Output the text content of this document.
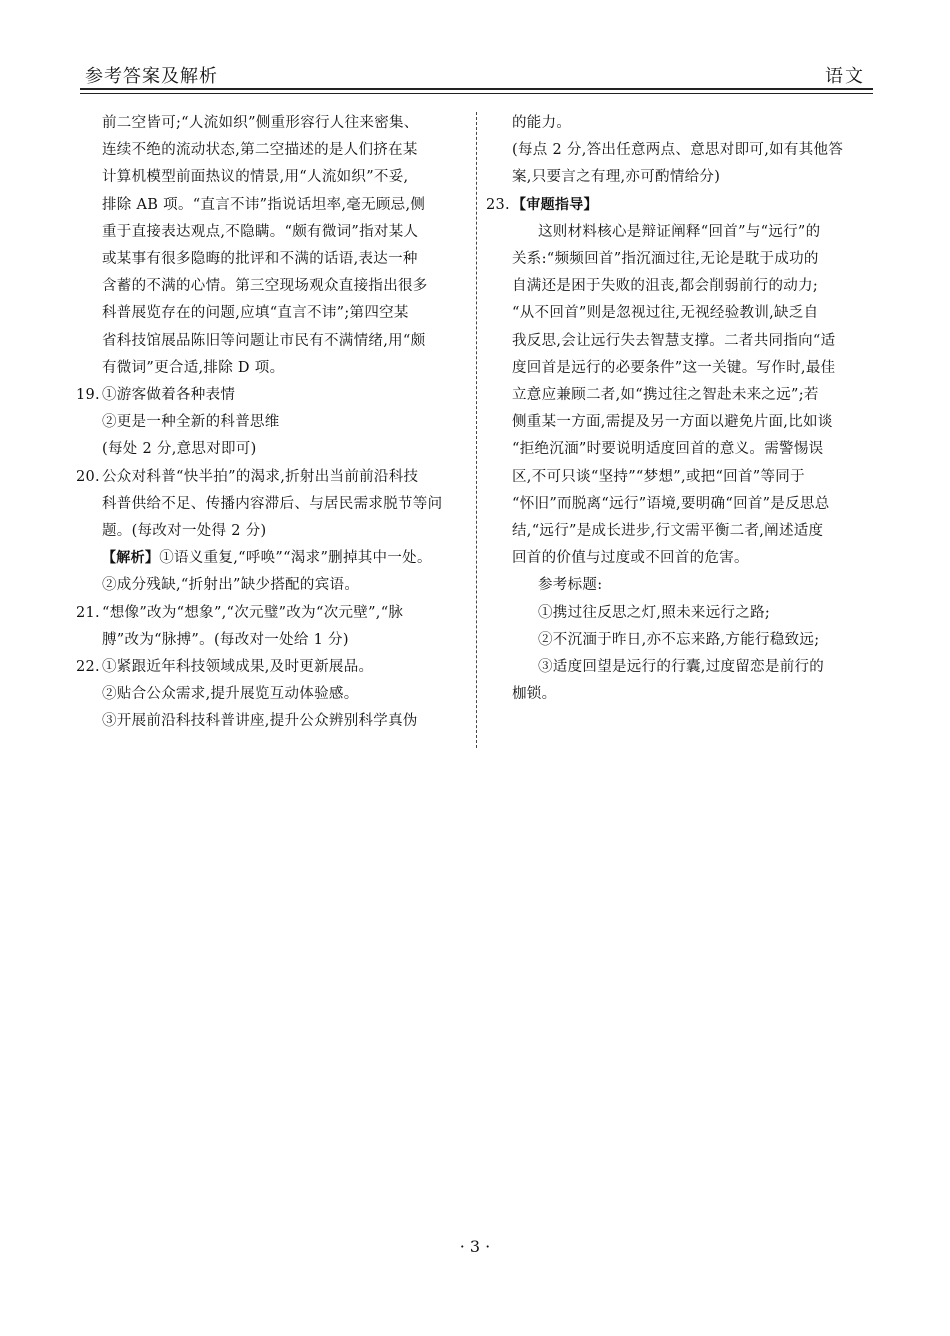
参考答案及解析	语文
前二空皆可;“人流如织”侧重形容行人往来密集、
连续不绝的流动状态,第二空描述的是人们挤在某
计算机模型前面热议的情景,用“人流如织”不妥,
排除 AB 项。“直言不讳”指说话坦率,毫无顾忌,侧
重于直接表达观点,不隐瞒。“颇有微词”指对某人
或某事有很多隐晦的批评和不满的话语,表达一种
含蓄的不满的心情。第三空现场观众直接指出很多
科普展览存在的问题,应填“直言不讳”;第四空某
省科技馆展品陈旧等问题让市民有不满情绪,用“颇
有微词”更合适,排除 D 项。
19. ①游客做着各种表情
②更是一种全新的科普思维
(每处 2 分,意思对即可)
20. 公众对科普“快半拍”的渴求,折射出当前前沿科技
科普供给不足、传播内容滞后、与居民需求脱节等问
题。(每改对一处得 2 分)
【解析】①语义重复,“呼唤”“渴求”删掉其中一处。
②成分残缺,“折射出”缺少搭配的宾语。
21. “想像”改为“想象”,“次元璧”改为“次元壁”,“脉
膊”改为“脉搏”。(每改对一处给 1 分)
22. ①紧跟近年科技领域成果,及时更新展品。
②贴合公众需求,提升展览互动体验感。
③开展前沿科技科普讲座,提升公众辨别科学真伪
的能力。
(每点 2 分,答出任意两点、意思对即可,如有其他答
案,只要言之有理,亦可酌情给分)
23. 【审题指导】
这则材料核心是辩证阐释“回首”与“远行”的
关系:“频频回首”指沉湎过往,无论是耽于成功的
自满还是困于失败的沮丧,都会削弱前行的动力;
“从不回首”则是忽视过往,无视经验教训,缺乏自
我反思,会让远行失去智慧支撑。二者共同指向“适
度回首是远行的必要条件”这一关键。写作时,最佳
立意应兼顾二者,如“携过往之智赴未来之远”;若
侧重某一方面,需提及另一方面以避免片面,比如谈
“拒绝沉湎”时要说明适度回首的意义。需警惕误
区,不可只谈“坚持”“梦想”,或把“回首”等同于
“怀旧”而脱离“远行”语境,要明确“回首”是反思总
结,“远行”是成长进步,行文需平衡二者,阐述适度
回首的价值与过度或不回首的危害。
参考标题:
①携过往反思之灯,照未来远行之路;
②不沉湎于昨日,亦不忘来路,方能行稳致远;
③适度回望是远行的行囊,过度留恋是前行的
枷锁。
· 3 ·
